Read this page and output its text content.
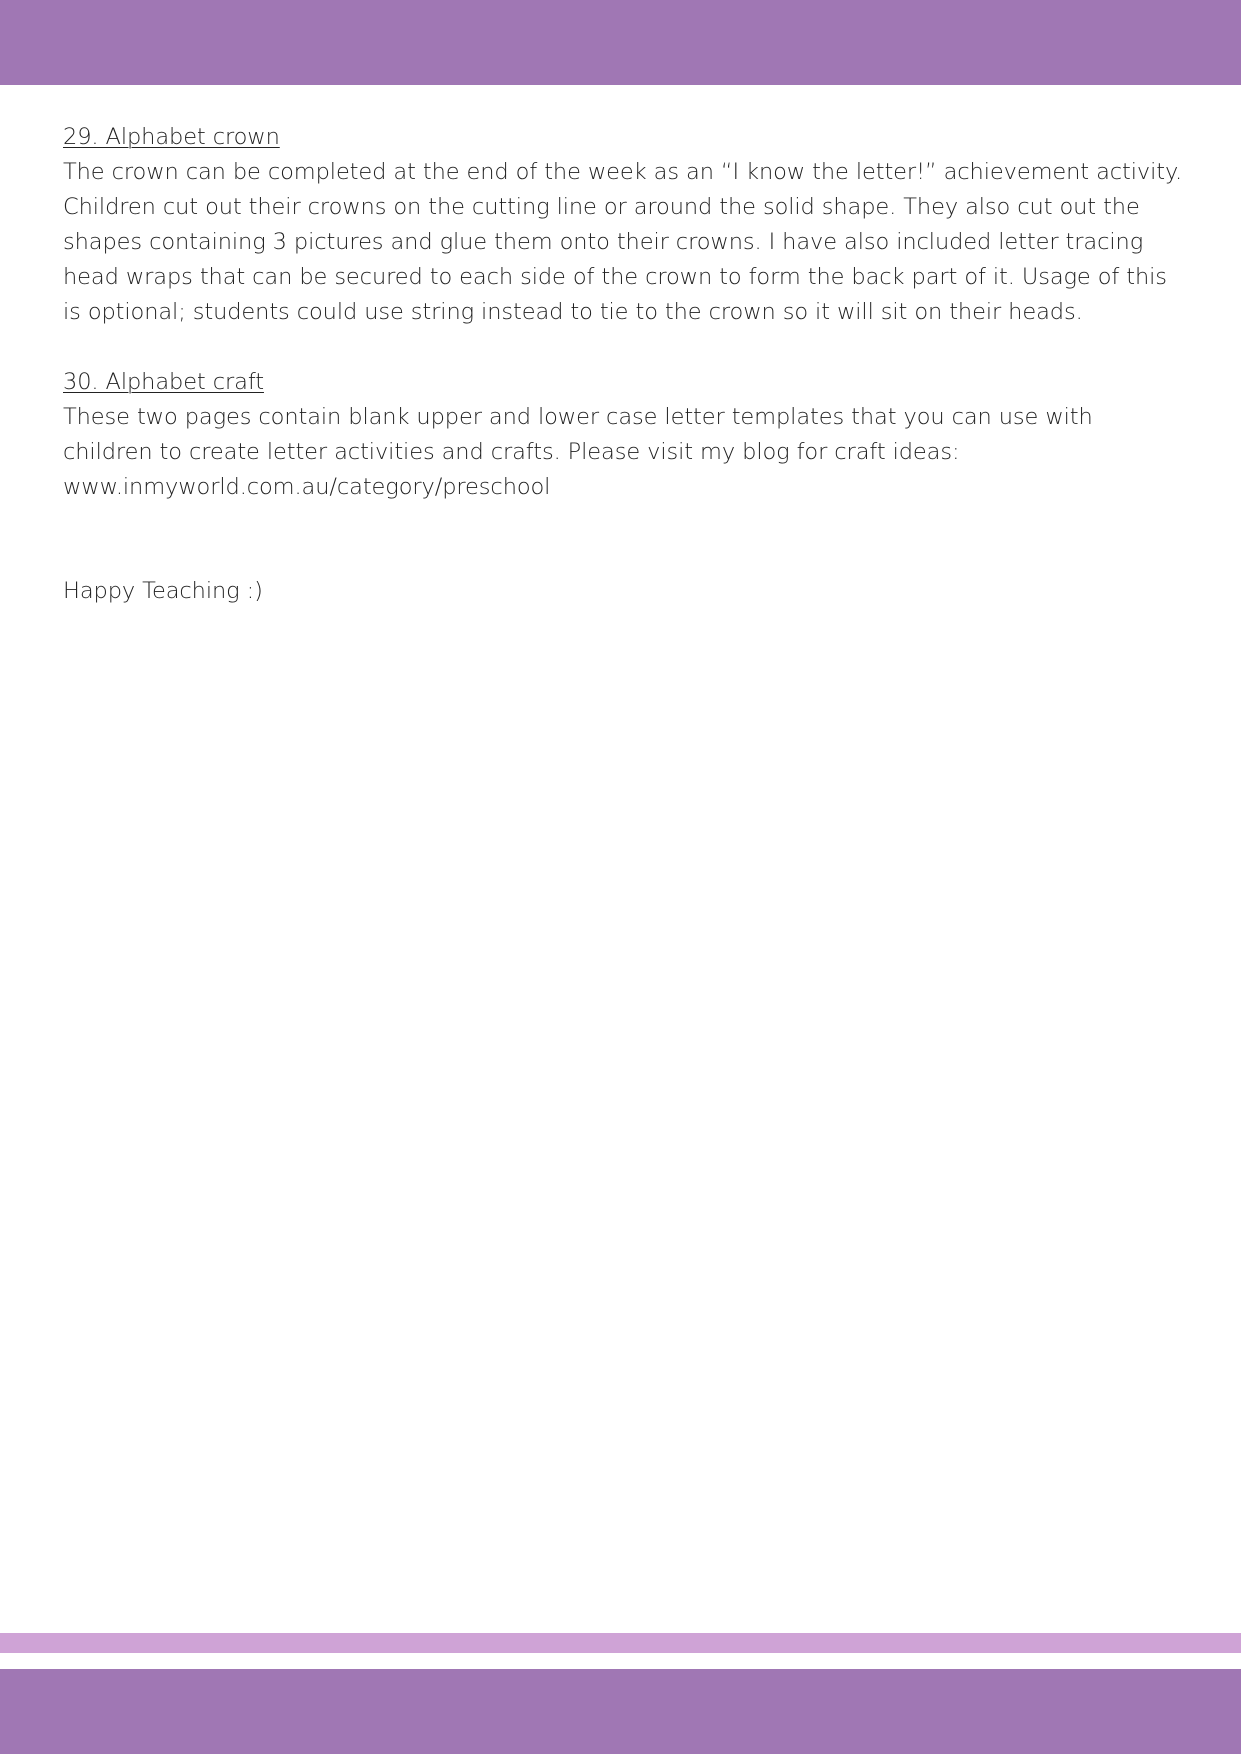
29. Alphabet crown

The crown can be completed at the end of the week as an “I know the letter!” achievement activity. Children cut out their crowns on the cutting line or around the solid shape. They also cut out the shapes containing 3 pictures and glue them onto their crowns. I have also included letter tracing head wraps that can be secured to each side of the crown to form the back part of it. Usage of this is optional; students could use string instead to tie to the crown so it will sit on their heads.

30. Alphabet craft

These two pages contain blank upper and lower case letter templates that you can use with children to create letter activities and crafts. Please visit my blog for craft ideas:

www.inmyworld.com.au/category/preschool
Happy Teaching :)
